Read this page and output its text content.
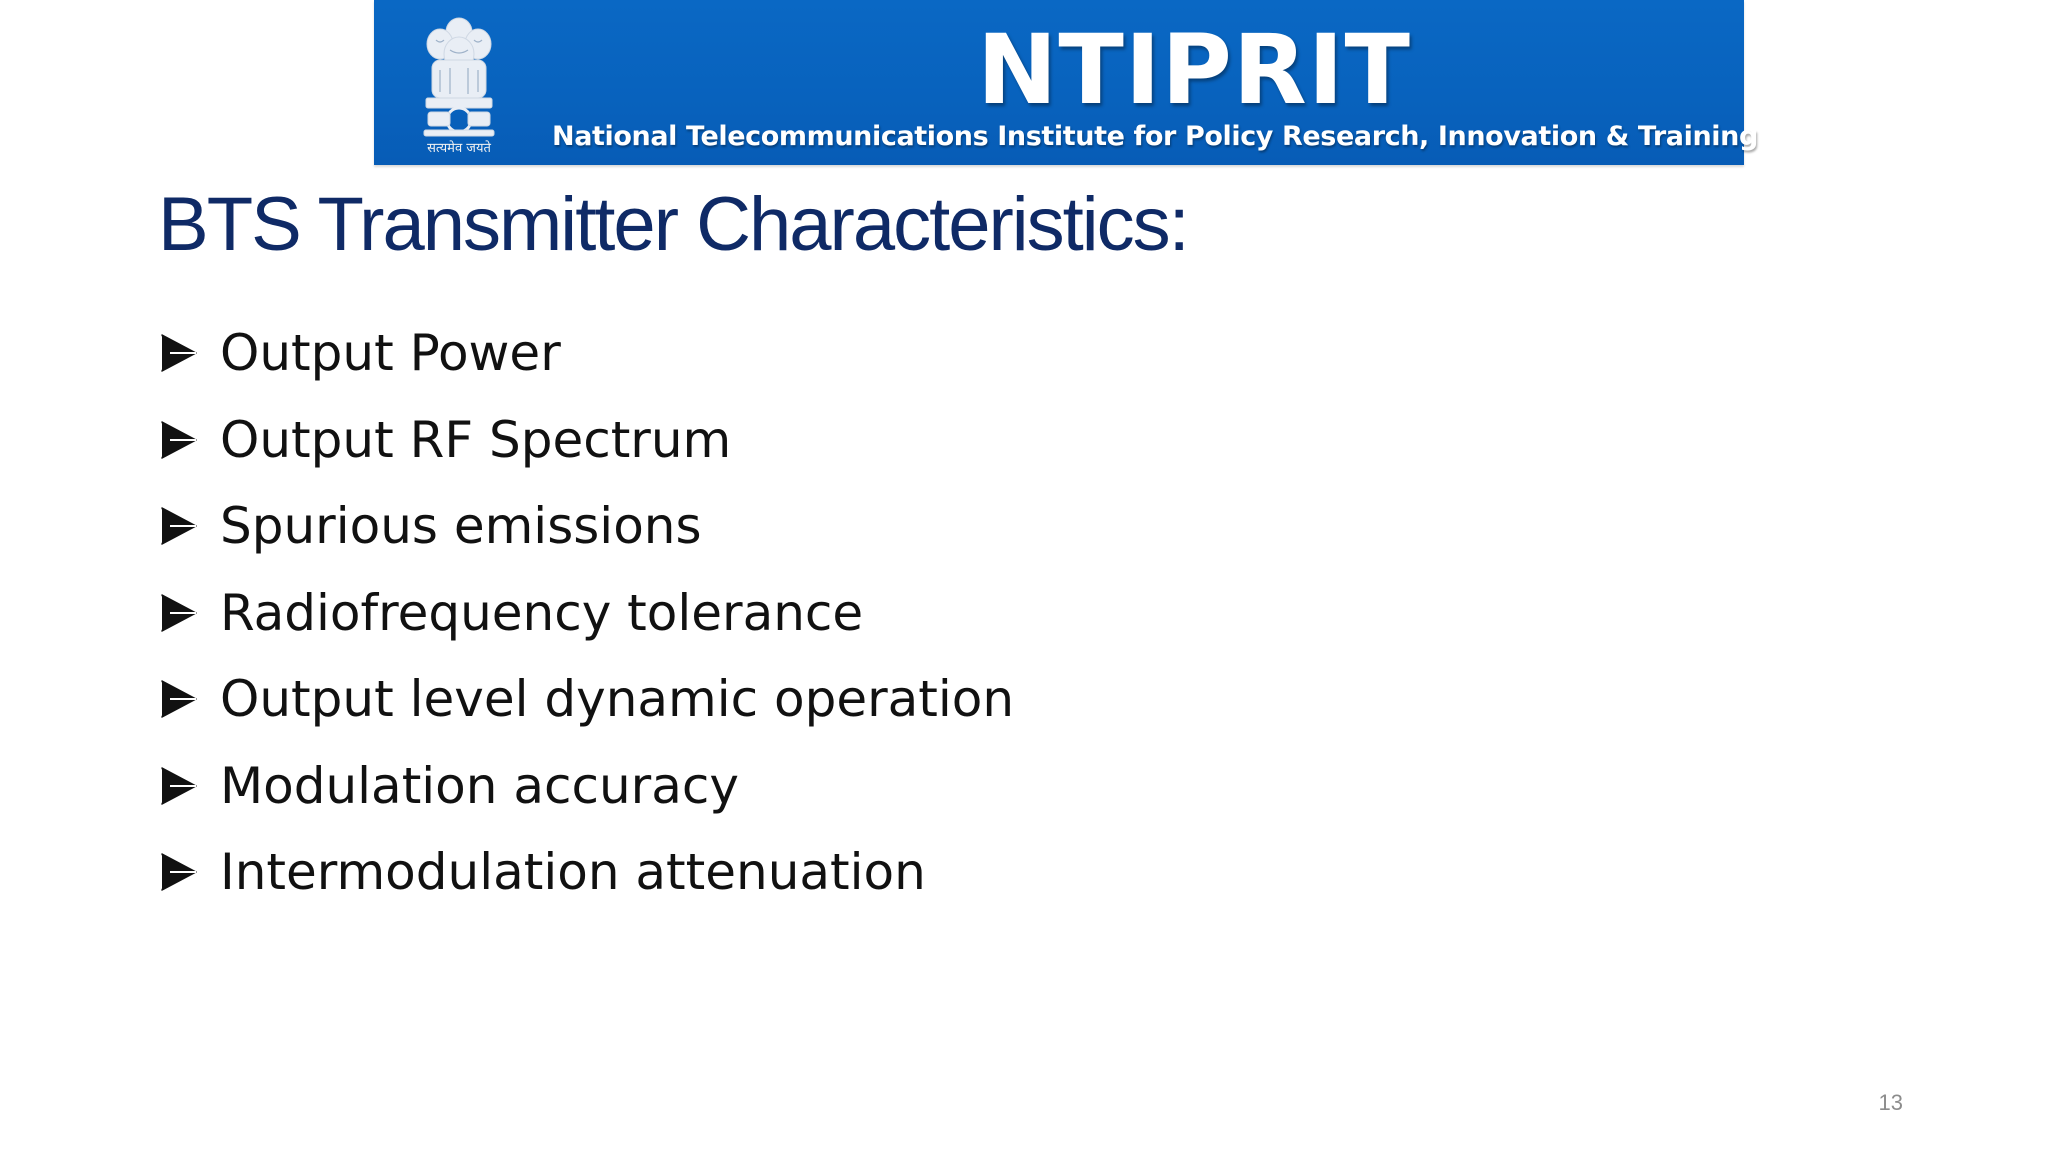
सत्यमेव जयते
NTIPRIT
National Telecommunications Institute for Policy Research, Innovation & Training
BTS Transmitter Characteristics:
Output Power
Output RF Spectrum
Spurious emissions
Radiofrequency tolerance
Output level dynamic operation
Modulation accuracy
Intermodulation attenuation
13
